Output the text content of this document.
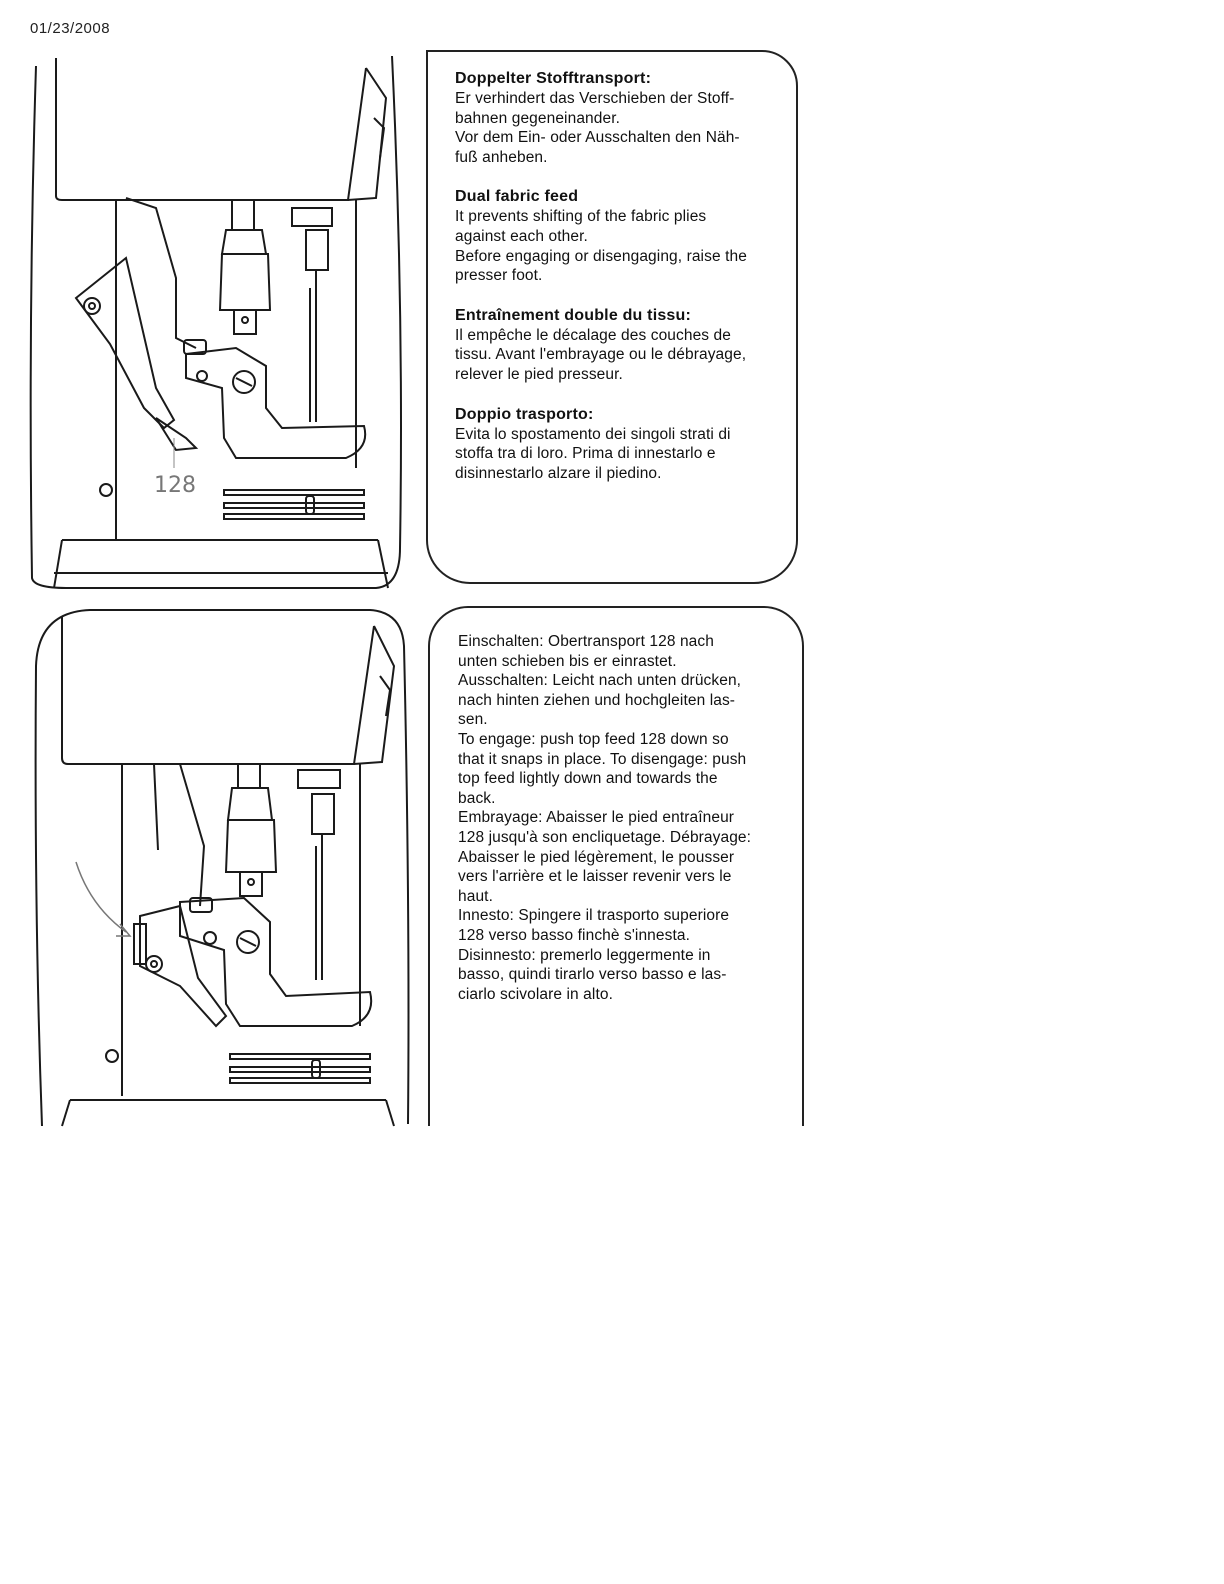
01/23/2008
128

Doppelter Stofftransport:

Er verhindert das Verschieben der Stoff-
bahnen gegeneinander.
Vor dem Ein- oder Ausschalten den Näh-
fuß anheben.

Dual fabric feed

It prevents shifting of the fabric plies
against each other.
Before engaging or disengaging, raise the
presser foot.

Entraînement double du tissu:

Il empêche le décalage des couches de
tissu. Avant l'embrayage ou le débrayage,
relever le pied presseur.

Doppio trasporto:

Evita lo spostamento dei singoli strati di
stoffa tra di loro. Prima di innestarlo e
disinnestarlo alzare il piedino.

Einschalten: Obertransport 128 nach
unten schieben bis er einrastet.
Ausschalten: Leicht nach unten drücken,
nach hinten ziehen und hochgleiten las-
sen.

To engage: push top feed 128 down so
that it snaps in place. To disengage: push
top feed lightly down and towards the
back.

Embrayage: Abaisser le pied entraîneur
128 jusqu'à son encliquetage. Débrayage:
Abaisser le pied légèrement, le pousser
vers l'arrière et le laisser revenir vers le
haut.

Innesto: Spingere il trasporto superiore
128 verso basso finchè s'innesta.
Disinnesto: premerlo leggermente in
basso, quindi tirarlo verso basso e las-
ciarlo scivolare in alto.
